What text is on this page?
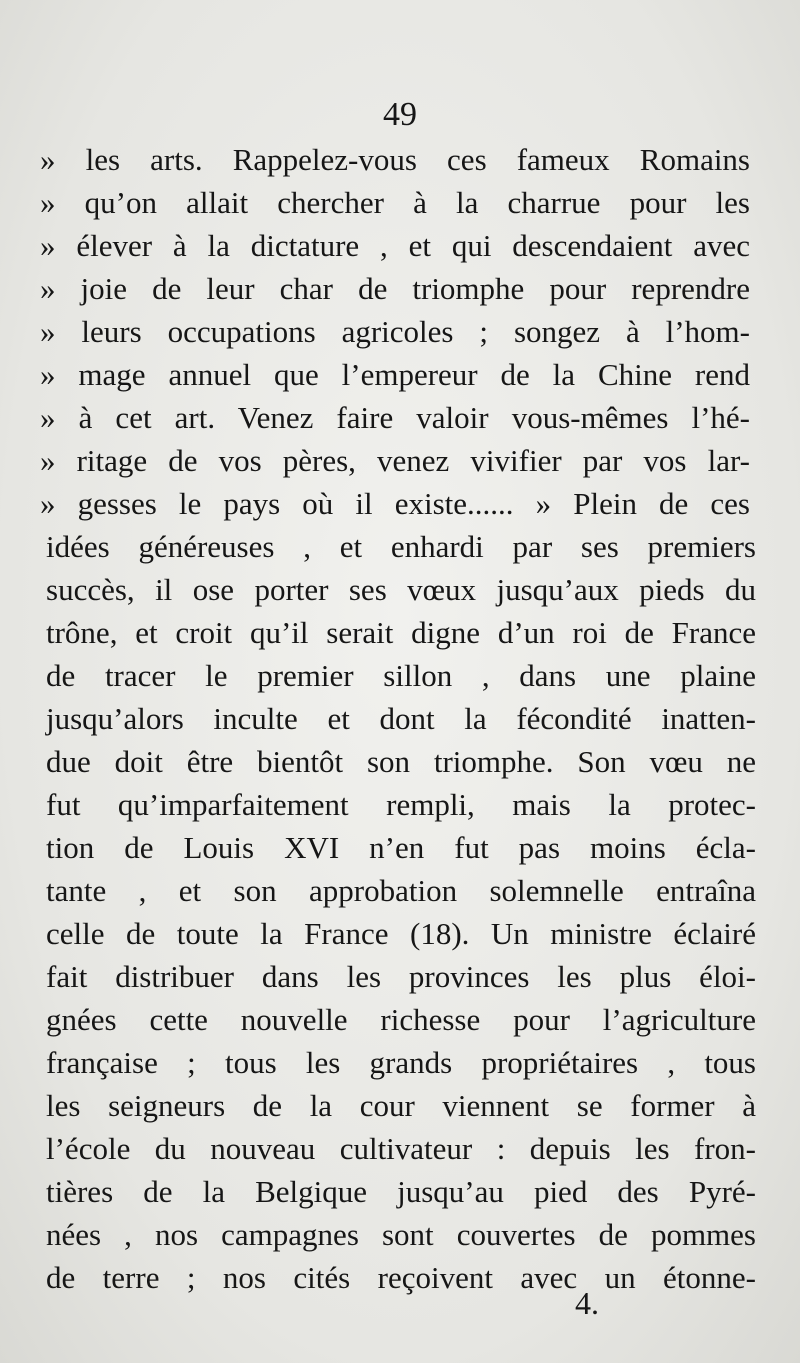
49
» les arts. Rappelez-vous ces fameux Romains
» qu’on allait chercher à la charrue pour les
» élever à la dictature , et qui descendaient avec
» joie de leur char de triomphe pour reprendre
» leurs occupations agricoles ; songez à l’hom-
» mage annuel que l’empereur de la Chine rend
» à cet art. Venez faire valoir vous-mêmes l’hé-
» ritage de vos pères, venez vivifier par vos lar-
» gesses le pays où il existe...... » Plein de ces
idées généreuses , et enhardi par ses premiers
succès, il ose porter ses vœux jusqu’aux pieds du
trône, et croit qu’il serait digne d’un roi de France
de tracer le premier sillon , dans une plaine
jusqu’alors inculte et dont la fécondité inatten-
due doit être bientôt son triomphe. Son vœu ne
fut qu’imparfaitement rempli, mais la protec-
tion de Louis XVI n’en fut pas moins écla-
tante , et son approbation solemnelle entraîna
celle de toute la France (18). Un ministre éclairé
fait distribuer dans les provinces les plus éloi-
gnées cette nouvelle richesse pour l’agriculture
française ; tous les grands propriétaires , tous
les seigneurs de la cour viennent se former à
l’école du nouveau cultivateur : depuis les fron-
tières de la Belgique jusqu’au pied des Pyré-
nées , nos campagnes sont couvertes de pommes
de terre ; nos cités reçoivent avec un étonne-
4.
